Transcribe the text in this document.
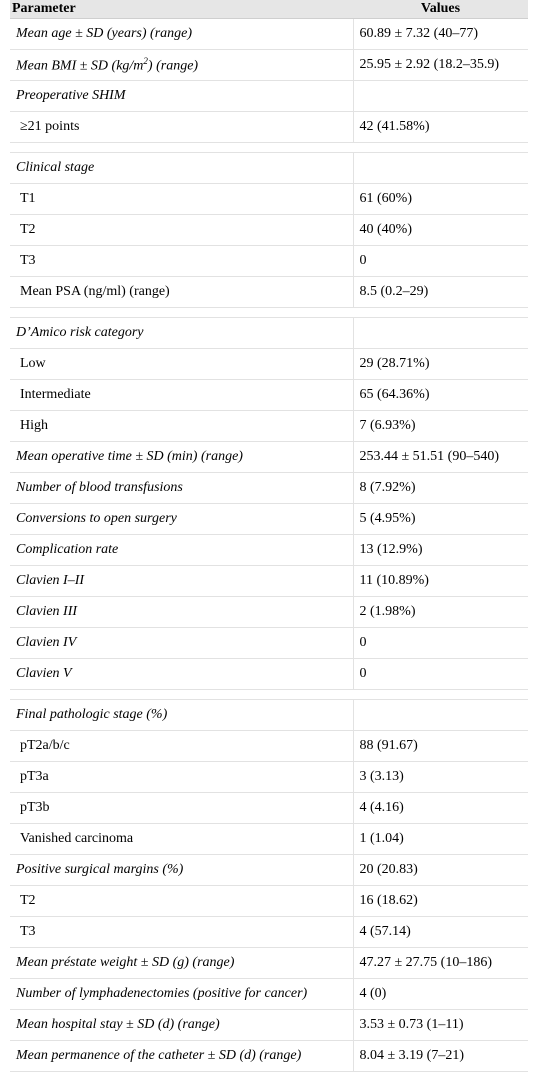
Parameter	Values
Mean age ± SD (years) (range)	60.89 ± 7.32 (40–77)
Mean BMI ± SD $(kg/m^2)$ (range)	25.95 ± 2.92 (18.2–35.9)
Preoperative SHIM	
≥21 points	42 (41.58%)

Clinical stage	
T1	61 (60%)
T2	40 (40%)
T3	0
Mean PSA (ng/ml) (range)	8.5 (0.2–29)

D’Amico risk category	
Low	29 (28.71%)
Intermediate	65 (64.36%)
High	7 (6.93%)
Mean operative time ± SD (min) (range)	253.44 ± 51.51 (90–540)
Number of blood transfusions	8 (7.92%)
Conversions to open surgery	5 (4.95%)
Complication rate	13 (12.9%)
Clavien I–II	11 (10.89%)
Clavien III	2 (1.98%)
Clavien IV	0
Clavien V	0

Final pathologic stage (%)	
pT2a/b/c	88 (91.67)
pT3a	3 (3.13)
pT3b	4 (4.16)
Vanished carcinoma	1 (1.04)
Positive surgical margins (%)	20 (20.83)
T2	16 (18.62)
T3	4 (57.14)
Mean préstate weight ± SD (g) (range)	47.27 ± 27.75 (10–186)
Number of lymphadenectomies (positive for cancer)	4 (0)
Mean hospital stay ± SD (d) (range)	3.53 ± 0.73 (1–11)
Mean permanence of the catheter ± SD (d) (range)	8.04 ± 3.19 (7–21)
